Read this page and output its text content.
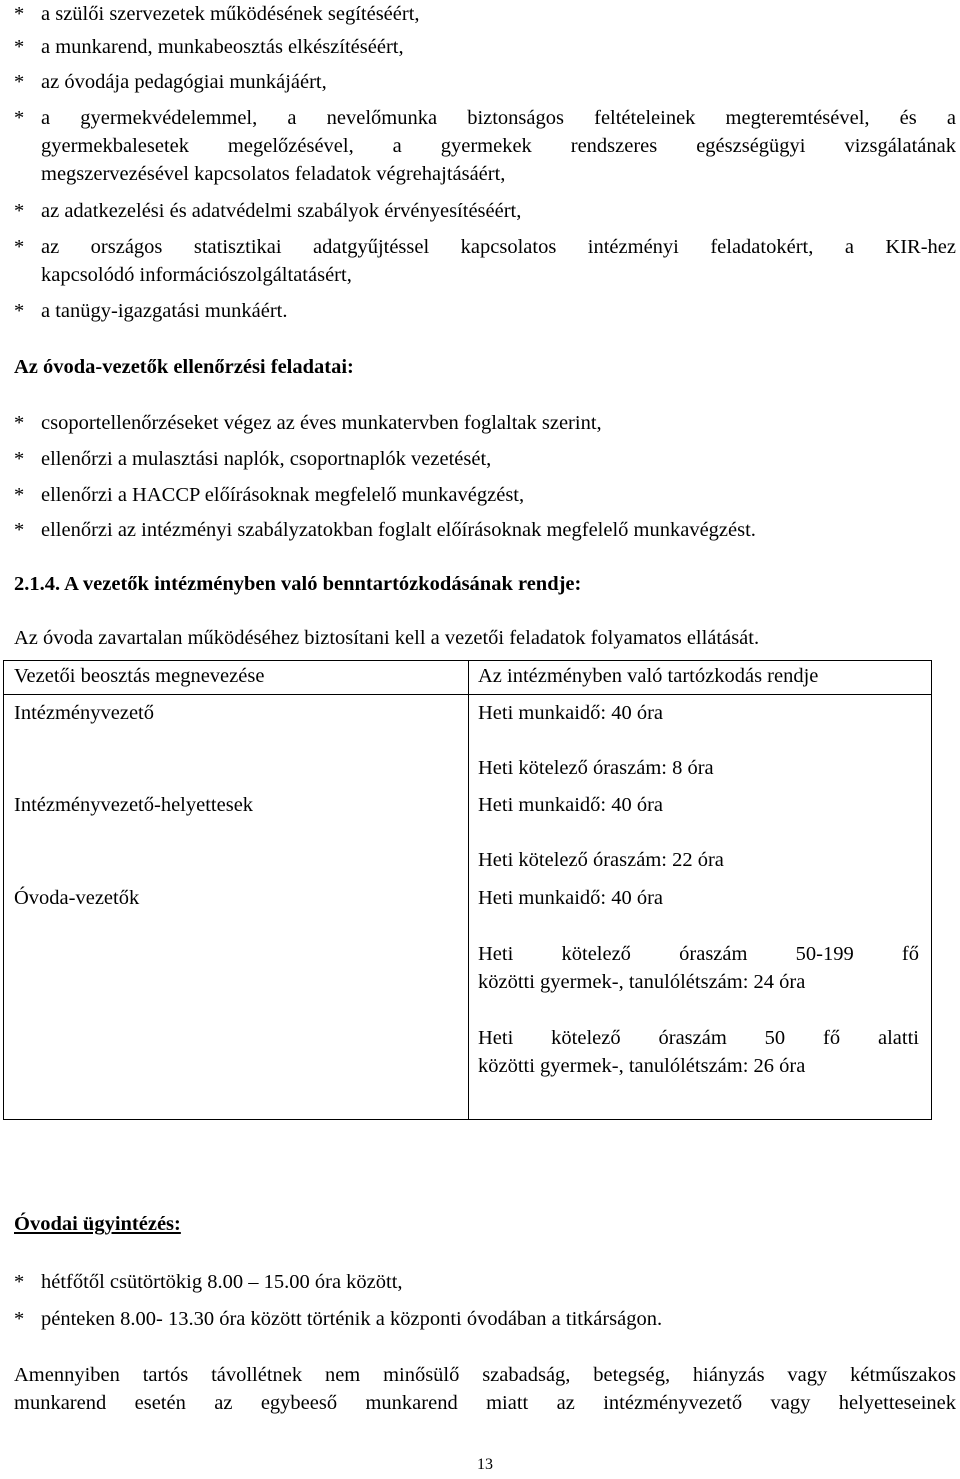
* a szülői szervezetek működésének segítéséért,
* a munkarend, munkabeosztás elkészítéséért,
* az óvodája pedagógiai munkájáért,
* a gyermekvédelemmel, a nevelőmunka biztonságos feltételeinek megteremtésével, és a
gyermekbalesetek megelőzésével, a gyermekek rendszeres egészségügyi vizsgálatának
megszervezésével kapcsolatos feladatok végrehajtásáért,
* az adatkezelési és adatvédelmi szabályok érvényesítéséért,
* az országos statisztikai adatgyűjtéssel kapcsolatos intézményi feladatokért, a KIR-hez
kapcsolódó információszolgáltatásért,
* a tanügy-igazgatási munkáért.
Az óvoda-vezetők ellenőrzési feladatai:
* csoportellenőrzéseket végez az éves munkatervben foglaltak szerint,
* ellenőrzi a mulasztási naplók, csoportnaplók vezetését,
* ellenőrzi a HACCP előírásoknak megfelelő munkavégzést,
* ellenőrzi az intézményi szabályzatokban foglalt előírásoknak megfelelő munkavégzést.
2.1.4. A vezetők intézményben való benntartózkodásának rendje:
Az óvoda zavartalan működéséhez biztosítani kell a vezetői feladatok folyamatos ellátását.
Vezetői beosztás megnevezése	Az intézményben való tartózkodás rendje
Intézményvezető	Heti munkaidő: 40 óra
Heti kötelező óraszám: 8 óra
Intézményvezető-helyettesek	Heti munkaidő: 40 óra
Heti kötelező óraszám: 22 óra
Óvoda-vezetők	Heti munkaidő: 40 óra
Heti kötelező óraszám 50-199 fő
közötti gyermek-, tanulólétszám: 24 óra
Heti kötelező óraszám 50 fő alatti
közötti gyermek-, tanulólétszám: 26 óra
Óvodai ügyintézés:
* hétfőtől csütörtökig 8.00 – 15.00 óra között,
* pénteken 8.00- 13.30 óra között történik a központi óvodában a titkárságon.
Amennyiben tartós távollétnek nem minősülő szabadság, betegség, hiányzás vagy kétműszakos
munkarend esetén az egybeeső munkarend miatt az intézményvezető vagy helyetteseinek
13
